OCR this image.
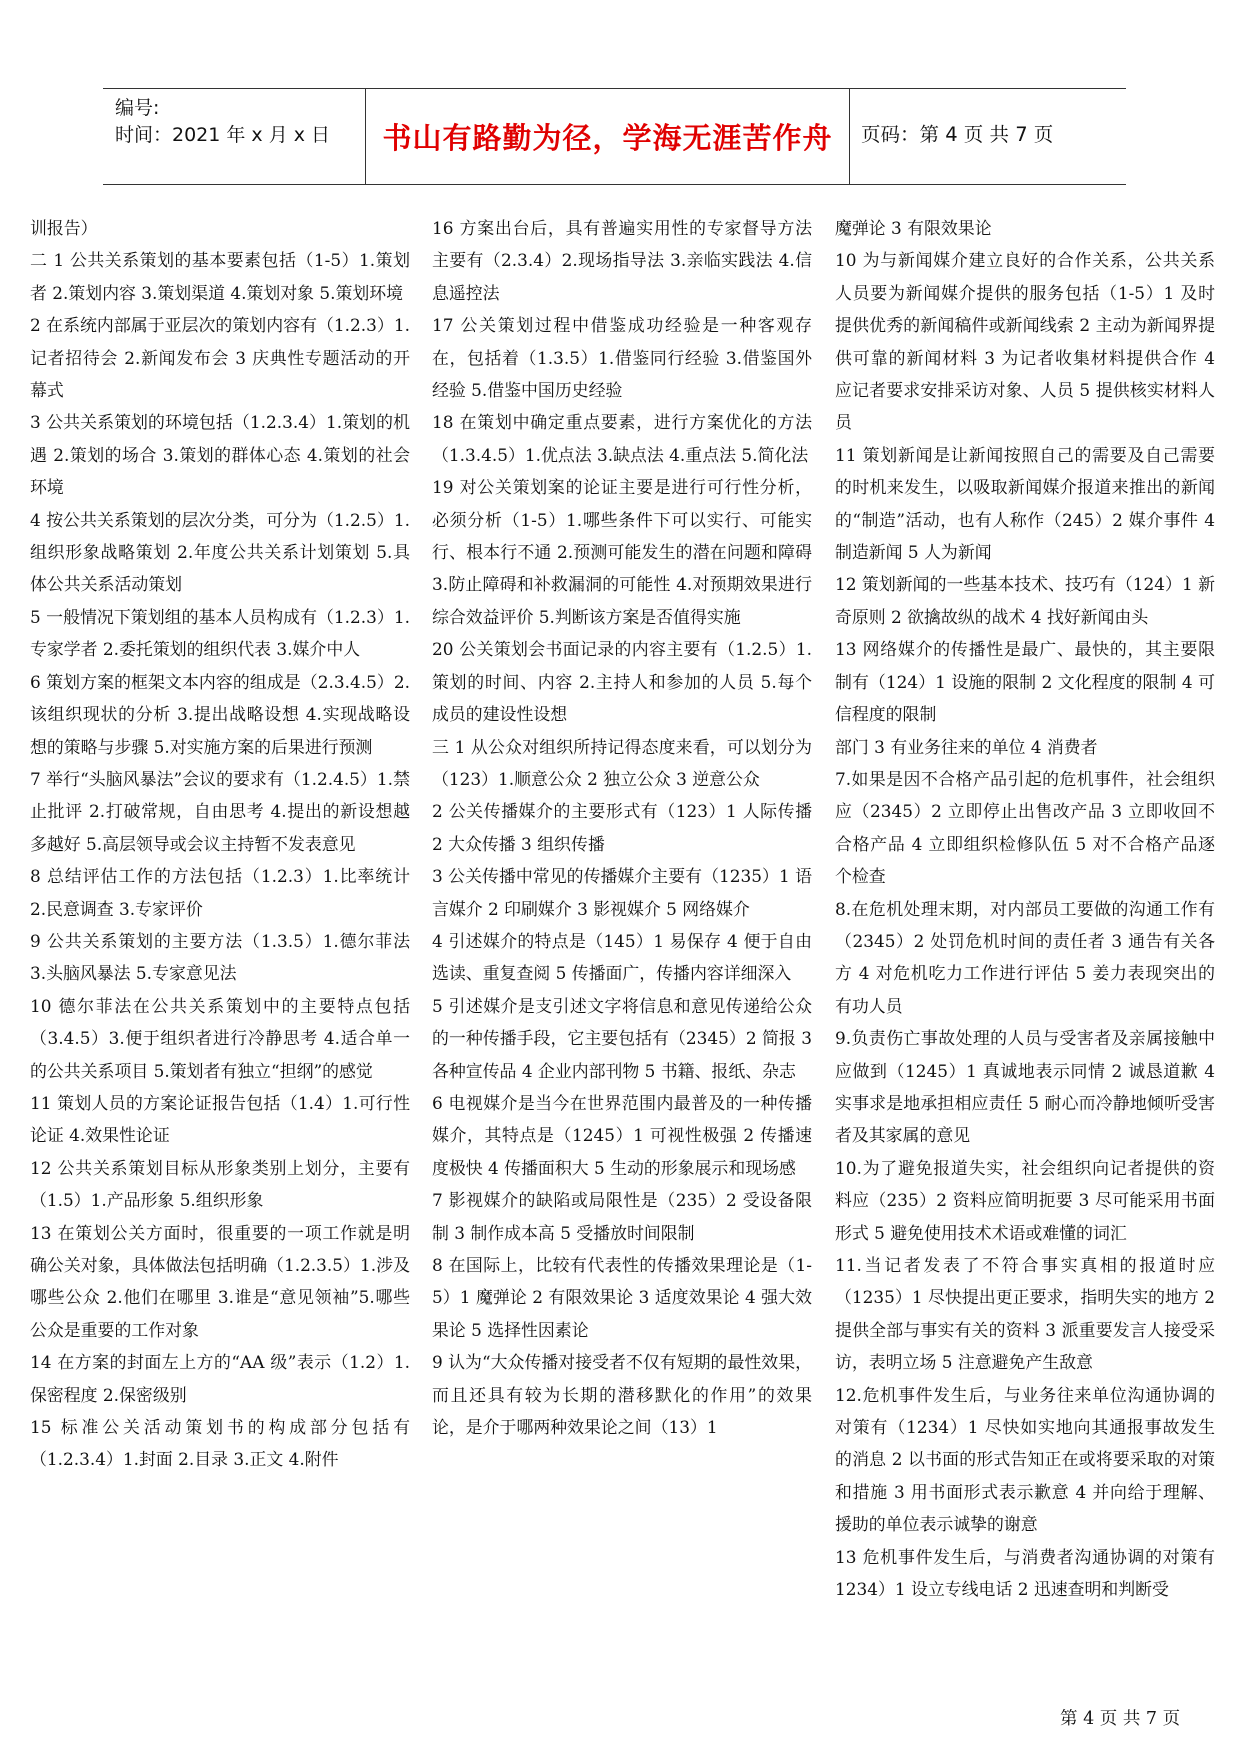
编号:
时间：2021 年 x 月 x 日	书山有路勤为径，学海无涯苦作舟 页码：第 4 页 共 7 页

训报告）

二 1 公共关系策划的基本要素包括（1-5）1.策划者 2.策划内容 3.策划渠道 4.策划对象 5.策划环境

2 在系统内部属于亚层次的策划内容有（1.2.3）1.记者招待会 2.新闻发布会 3 庆典性专题活动的开幕式

3 公共关系策划的环境包括（1.2.3.4）1.策划的机遇 2.策划的场合 3.策划的群体心态 4.策划的社会环境

4 按公共关系策划的层次分类，可分为（1.2.5）1.组织形象战略策划 2.年度公共关系计划策划 5.具体公共关系活动策划

5 一般情况下策划组的基本人员构成有（1.2.3）1.专家学者 2.委托策划的组织代表 3.媒介中人

6 策划方案的框架文本内容的组成是（2.3.4.5）2.该组织现状的分析 3.提出战略设想 4.实现战略设想的策略与步骤 5.对实施方案的后果进行预测

7 举行“头脑风暴法”会议的要求有（1.2.4.5）1.禁止批评 2.打破常规，自由思考 4.提出的新设想越多越好 5.高层领导或会议主持暂不发表意见

8 总结评估工作的方法包括（1.2.3）1.比率统计 2.民意调查 3.专家评价

9 公共关系策划的主要方法（1.3.5）1.德尔菲法 3.头脑风暴法 5.专家意见法

10 德尔菲法在公共关系策划中的主要特点包括（3.4.5）3.便于组织者进行冷静思考 4.适合单一的公共关系项目 5.策划者有独立“担纲”的感觉

11 策划人员的方案论证报告包括（1.4）1.可行性论证 4.效果性论证

12 公共关系策划目标从形象类别上划分，主要有（1.5）1.产品形象 5.组织形象

13 在策划公关方面时，很重要的一项工作就是明确公关对象，具体做法包括明确（1.2.3.5）1.涉及哪些公众 2.他们在哪里 3.谁是“意见领袖”5.哪些公众是重要的工作对象

14 在方案的封面左上方的“AA 级”表示（1.2）1.保密程度 2.保密级别

15 标准公关活动策划书的构成部分包括有（1.2.3.4）1.封面 2.目录 3.正文 4.附件

16 方案出台后，具有普遍实用性的专家督导方法主要有（2.3.4）2.现场指导法 3.亲临实践法 4.信息遥控法

17 公关策划过程中借鉴成功经验是一种客观存在，包括着（1.3.5）1.借鉴同行经验 3.借鉴国外经验 5.借鉴中国历史经验

18 在策划中确定重点要素，进行方案优化的方法（1.3.4.5）1.优点法 3.缺点法 4.重点法 5.简化法

19 对公关策划案的论证主要是进行可行性分析，必须分析（1-5）1.哪些条件下可以实行、可能实行、根本行不通 2.预测可能发生的潜在问题和障碍 3.防止障碍和补救漏洞的可能性 4.对预期效果进行综合效益评价 5.判断该方案是否值得实施

20 公关策划会书面记录的内容主要有（1.2.5）1.策划的时间、内容 2.主持人和参加的人员 5.每个成员的建设性设想

三 1 从公众对组织所持记得态度来看，可以划分为（123）1.顺意公众 2 独立公众 3 逆意公众

2 公关传播媒介的主要形式有（123）1 人际传播 2 大众传播 3 组织传播

3 公关传播中常见的传播媒介主要有（1235）1 语言媒介 2 印刷媒介 3 影视媒介 5 网络媒介

4 引述媒介的特点是（145）1 易保存 4 便于自由选读、重复查阅 5 传播面广，传播内容详细深入

5 引述媒介是支引述文字将信息和意见传递给公众的一种传播手段，它主要包括有（2345）2 简报 3 各种宣传品 4 企业内部刊物 5 书籍、报纸、杂志

6 电视媒介是当今在世界范围内最普及的一种传播媒介，其特点是（1245）1 可视性极强 2 传播速度极快 4 传播面积大 5 生动的形象展示和现场感

7 影视媒介的缺陷或局限性是（235）2 受设备限制 3 制作成本高 5 受播放时间限制

8 在国际上，比较有代表性的传播效果理论是（1-5）1 魔弹论 2 有限效果论 3 适度效果论 4 强大效果论 5 选择性因素论

9 认为“大众传播对接受者不仅有短期的最性效果，而且还具有较为长期的潜移默化的作用”的效果论，是介于哪两种效果论之间（13）1

魔弹论 3 有限效果论

10 为与新闻媒介建立良好的合作关系，公共关系人员要为新闻媒介提供的服务包括（1-5）1 及时提供优秀的新闻稿件或新闻线索 2 主动为新闻界提供可靠的新闻材料 3 为记者收集材料提供合作 4 应记者要求安排采访对象、人员 5 提供核实材料人员

11 策划新闻是让新闻按照自己的需要及自己需要的时机来发生，以吸取新闻媒介报道来推出的新闻的“制造”活动，也有人称作（245）2 媒介事件 4 制造新闻 5 人为新闻

12 策划新闻的一些基本技术、技巧有（124）1 新奇原则 2 欲擒故纵的战术 4 找好新闻由头

13 网络媒介的传播性是最广、最快的，其主要限制有（124）1 设施的限制 2 文化程度的限制 4 可信程度的限制

部门 3 有业务往来的单位 4 消费者

7.如果是因不合格产品引起的危机事件，社会组织应（2345）2 立即停止出售改产品 3 立即收回不合格产品 4 立即组织检修队伍 5 对不合格产品逐个检查

8.在危机处理末期，对内部员工要做的沟通工作有（2345）2 处罚危机时间的责任者 3 通告有关各方 4 对危机吃力工作进行评估 5 姜力表现突出的有功人员

9.负责伤亡事故处理的人员与受害者及亲属接触中应做到（1245）1 真诚地表示同情 2 诚恳道歉 4 实事求是地承担相应责任 5 耐心而冷静地倾听受害者及其家属的意见

10.为了避免报道失实，社会组织向记者提供的资料应（235）2 资料应简明扼要 3 尽可能采用书面形式 5 避免使用技术术语或难懂的词汇

11.当记者发表了不符合事实真相的报道时应（1235）1 尽快提出更正要求，指明失实的地方 2 提供全部与事实有关的资料 3 派重要发言人接受采访，表明立场 5 注意避免产生敌意

12.危机事件发生后，与业务往来单位沟通协调的对策有（1234）1 尽快如实地向其通报事故发生的消息 2 以书面的形式告知正在或将要采取的对策和措施 3 用书面形式表示歉意 4 并向给于理解、援助的单位表示诚挚的谢意

13 危机事件发生后，与消费者沟通协调的对策有 1234）1 设立专线电话 2 迅速查明和判断受

第 4 页 共 7 页
